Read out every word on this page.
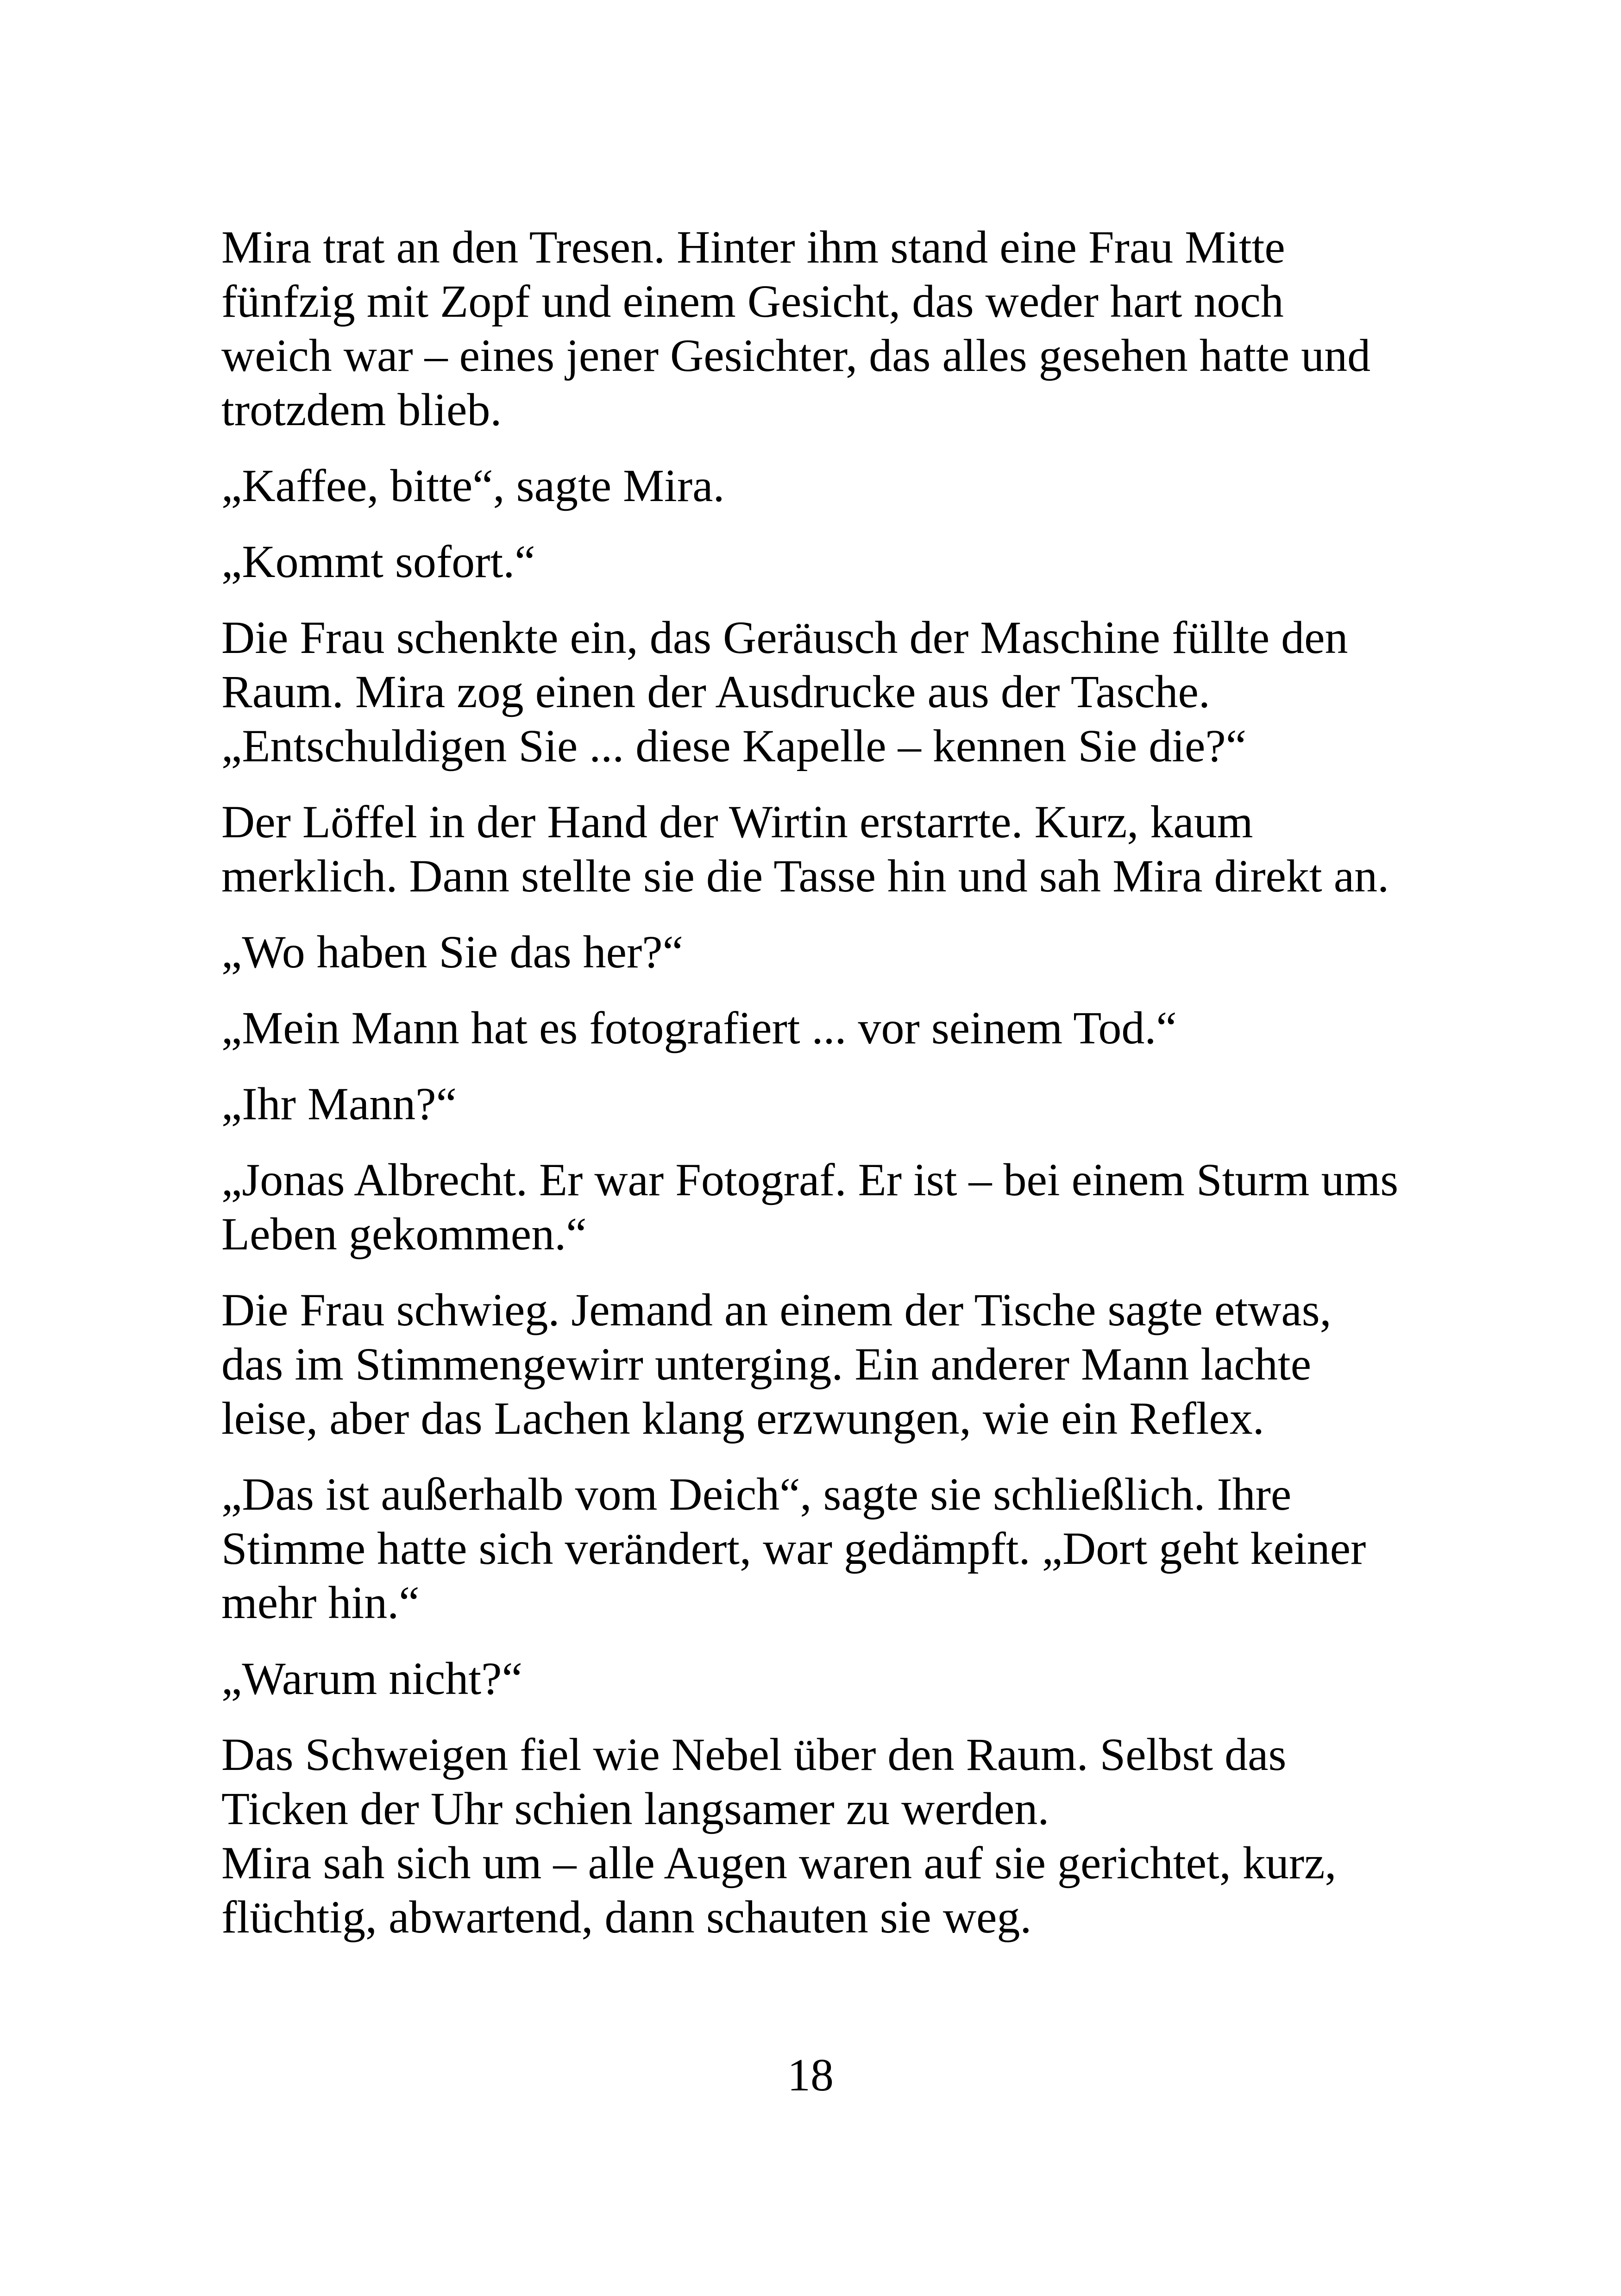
Mira trat an den Tresen. Hinter ihm stand eine Frau Mitte
fünfzig mit Zopf und einem Gesicht, das weder hart noch
weich war – eines jener Gesichter, das alles gesehen hatte und
trotzdem blieb.

„Kaffee, bitte“, sagte Mira.

„Kommt sofort.“

Die Frau schenkte ein, das Geräusch der Maschine füllte den
Raum. Mira zog einen der Ausdrucke aus der Tasche.
„Entschuldigen Sie ... diese Kapelle – kennen Sie die?“

Der Löffel in der Hand der Wirtin erstarrte. Kurz, kaum
merklich. Dann stellte sie die Tasse hin und sah Mira direkt an.

„Wo haben Sie das her?“

„Mein Mann hat es fotografiert ... vor seinem Tod.“

„Ihr Mann?“

„Jonas Albrecht. Er war Fotograf. Er ist – bei einem Sturm ums
Leben gekommen.“

Die Frau schwieg. Jemand an einem der Tische sagte etwas,
das im Stimmengewirr unterging. Ein anderer Mann lachte
leise, aber das Lachen klang erzwungen, wie ein Reflex.

„Das ist außerhalb vom Deich“, sagte sie schließlich. Ihre
Stimme hatte sich verändert, war gedämpft. „Dort geht keiner
mehr hin.“

„Warum nicht?“

Das Schweigen fiel wie Nebel über den Raum. Selbst das
Ticken der Uhr schien langsamer zu werden.
Mira sah sich um – alle Augen waren auf sie gerichtet, kurz,
flüchtig, abwartend, dann schauten sie weg.

18
